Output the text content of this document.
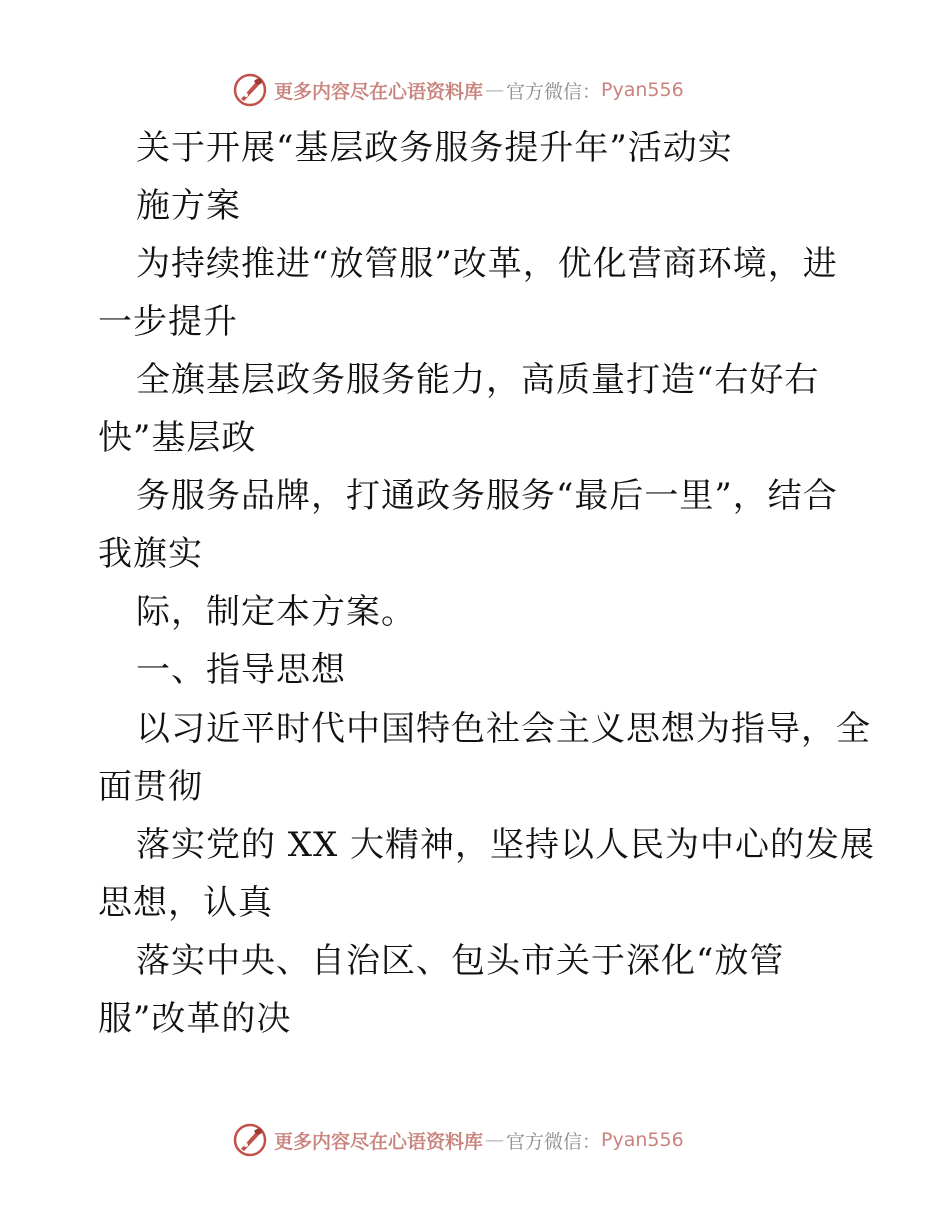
更多内容尽在心语资料库 — 官方微信： Pyan556
关于开展“基层政务服务提升年”活动实
施方案
为持续推进“放管服”改革，优化营商环境，进
一步提升
全旗基层政务服务能力，高质量打造“右好右
快”基层政
务服务品牌，打通政务服务“最后一里”，结合
我旗实
际，制定本方案。
一、指导思想
以习近平时代中国特色社会主义思想为指导，全
面贯彻
落实党的 XX 大精神，坚持以人民为中心的发展
思想，认真
落实中央、自治区、包头市关于深化“放管
服”改革的决
更多内容尽在心语资料库 — 官方微信： Pyan556
